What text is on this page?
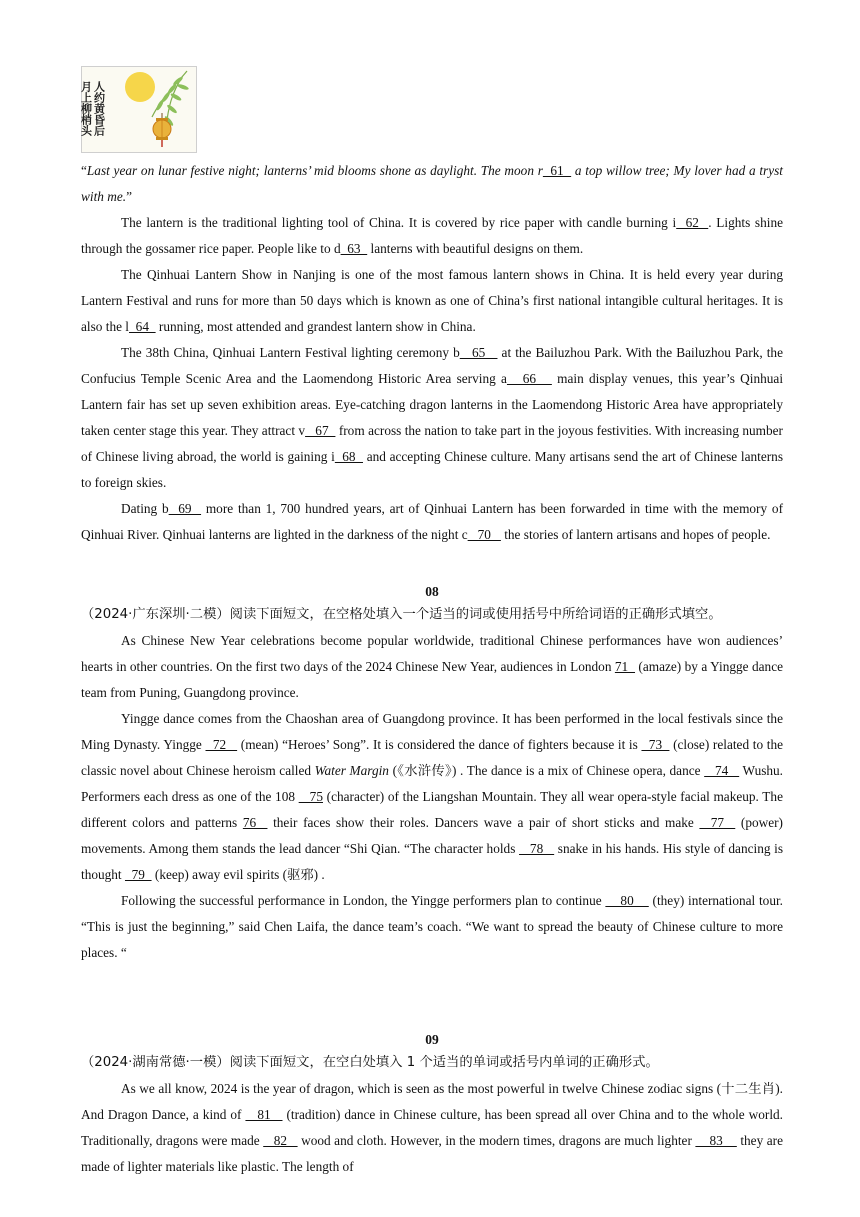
月上柳梢头 人约黄昏后

“Last year on lunar festive night; lanterns’ mid blooms shone as daylight. The moon r  61   a top willow tree; My lover had a tryst with me.”

The lantern is the traditional lighting tool of China. It is covered by rice paper with candle burning i  62  . Lights shine through the gossamer rice paper. People like to d  63   lanterns with beautiful designs on them.

The Qinhuai Lantern Show in Nanjing is one of the most famous lantern shows in China. It is held every year during Lantern Festival and runs for more than 50 days which is known as one of China’s first national intangible cultural heritages. It is also the l  64   running, most attended and grandest lantern show in China.

The 38th China, Qinhuai Lantern Festival lighting ceremony b   65    at the Bailuzhou Park. With the Bailuzhou Park, the Confucius Temple Scenic Area and the Laomendong Historic Area serving a   66    main display venues, this year’s Qinhuai Lantern fair has set up seven exhibition areas. Eye-catching dragon lanterns in the Laomendong Historic Area have appropriately taken center stage this year. They attract v   67   from across the nation to take part in the joyous festivities. With increasing number of Chinese living abroad, the world is gaining i  68   and accepting Chinese culture. Many artisans send the art of Chinese lanterns to foreign skies.

Dating b  69   more than 1, 700 hundred years, art of Qinhuai Lantern has been forwarded in time with the memory of Qinhuai River. Qinhuai lanterns are lighted in the darkness of the night c   70    the stories of lantern artisans and hopes of people.

08

（2024·广东深圳·二模）阅读下面短文，在空格处填入一个适当的词或使用括号中所给词语的正确形式填空。

As Chinese New Year celebrations become popular worldwide, traditional Chinese performances have won audiences’ hearts in other countries. On the first two days of the 2024 Chinese New Year, audiences in London 71   (amaze) by a Yingge dance team from Puning, Guangdong province.

Yingge dance comes from the Chaoshan area of Guangdong province. It has been performed in the local festivals since the Ming Dynasty. Yingge   72    (mean) “Heroes’ Song”. It is considered the dance of fighters because it is   73   (close) related to the classic novel about Chinese heroism called Water Margin (《水浒传》) . The dance is a mix of Chinese opera, dance    74    Wushu. Performers each dress as one of the 108    75 (character) of the Liangshan Mountain. They all wear opera-style facial makeup. The different colors and patterns 76   their faces show their roles. Dancers wave a pair of short sticks and make   77   (power) movements. Among them stands the lead dancer “Shi Qian. “The character holds    78    snake in his hands. His style of dancing is thought   79   (keep) away evil spirits (驱邪) .

Following the successful performance in London, the Yingge performers plan to continue     80     (they) international tour. “This is just the beginning,” said Chen Laifa, the dance team’s coach. “We want to spread the beauty of Chinese culture to more places. “

09

（2024·湖南常德·一模）阅读下面短文，在空白处填入 1 个适当的单词或括号内单词的正确形式。

As we all know, 2024 is the year of dragon, which is seen as the most powerful in twelve Chinese zodiac signs (十二生肖). And Dragon Dance, a kind of    81    (tradition) dance in Chinese culture, has been spread all over China and to the whole world. Traditionally, dragons were made    82    wood and cloth. However, in the modern times, dragons are much lighter     83     they are made of lighter materials like plastic. The length of
